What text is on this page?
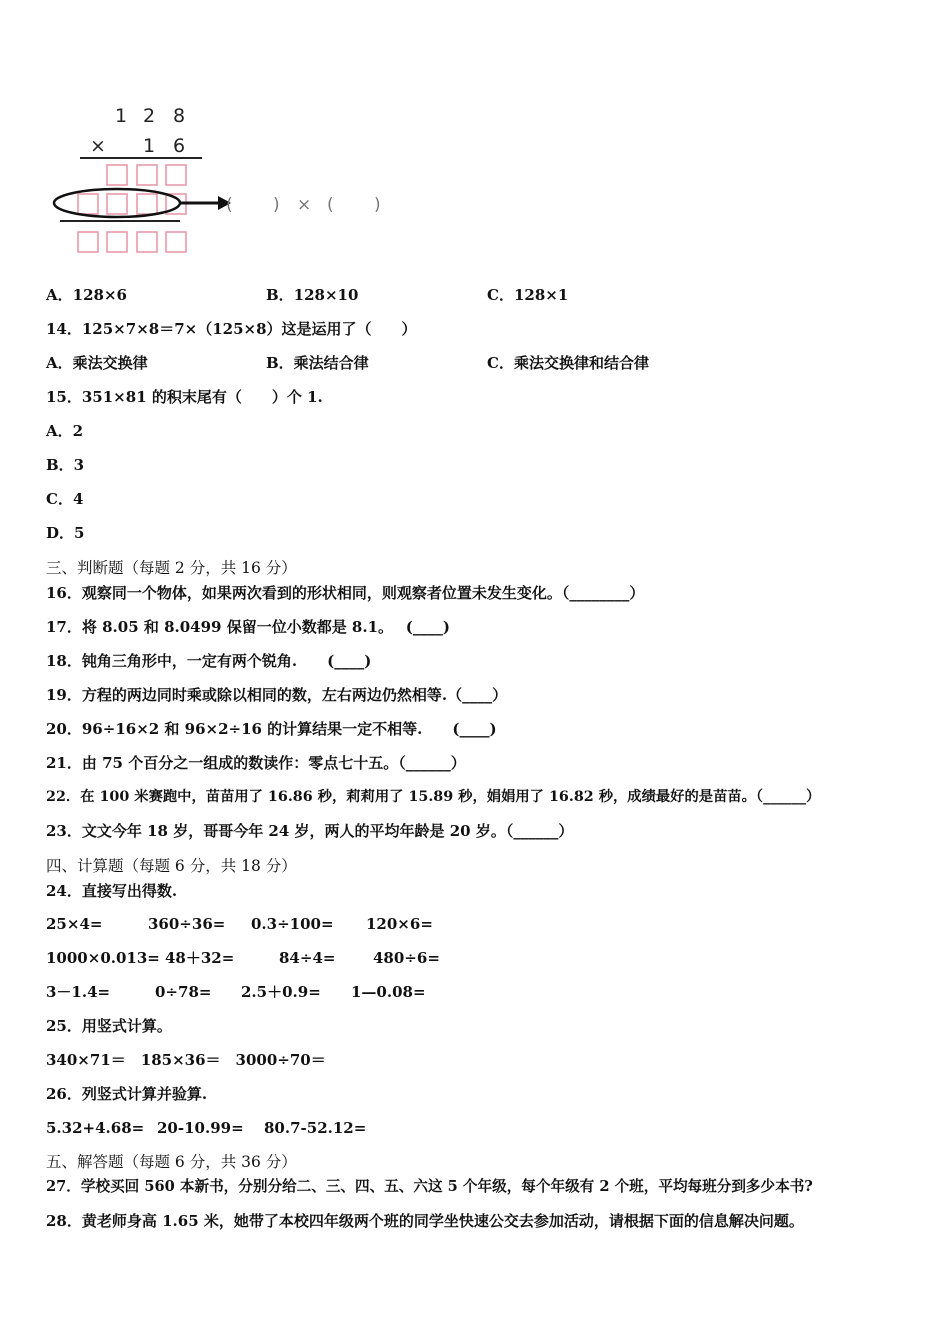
1 2 8
× 1 6
( ) × ( )
A．128×6	B．128×10	C．128×1
14．125×7×8＝7×（125×8）这是运用了（　　）
A．乘法交换律	B．乘法结合律	C．乘法交换律和结合律
15．351×81 的积末尾有（　　）个 1.
A．2
B．3
C．4
D．5
三、判断题（每题 2 分，共 16 分）
16．观察同一个物体，如果两次看到的形状相同，则观察者位置未发生变化。（________）
17．将 8.05 和 8.0499 保留一位小数都是 8.1。　 (____)
18．钝角三角形中，一定有两个锐角.　　(____)
19．方程的两边同时乘或除以相同的数，左右两边仍然相等.（____）
20．96÷16×2 和 96×2÷16 的计算结果一定不相等.　　(____)
21．由 75 个百分之一组成的数读作：零点七十五。（______）
22．在 100 米赛跑中，苗苗用了 16.86 秒，莉莉用了 15.89 秒，娟娟用了 16.82 秒，成绩最好的是苗苗。（______）
23．文文今年 18 岁，哥哥今年 24 岁，两人的平均年龄是 20 岁。（______）
四、计算题（每题 6 分，共 18 分）
24．直接写出得数.
25×4=	360÷36= 0.3÷100= 120×6=
1000×0.013= 48＋32=	84÷4=	480÷6=
3－1.4=	0÷78= 2.5＋0.9= 1—0.08=
25．用竖式计算。
340×71＝　185×36＝　3000÷70＝
26．列竖式计算并验算.
5.32+4.68= 20-10.99= 80.7-52.12=
五、解答题（每题 6 分，共 36 分）
27．学校买回 560 本新书，分别分给二、三、四、五、六这 5 个年级，每个年级有 2 个班，平均每班分到多少本书?
28．黄老师身高 1.65 米，她带了本校四年级两个班的同学坐快速公交去参加活动，请根据下面的信息解决问题。
